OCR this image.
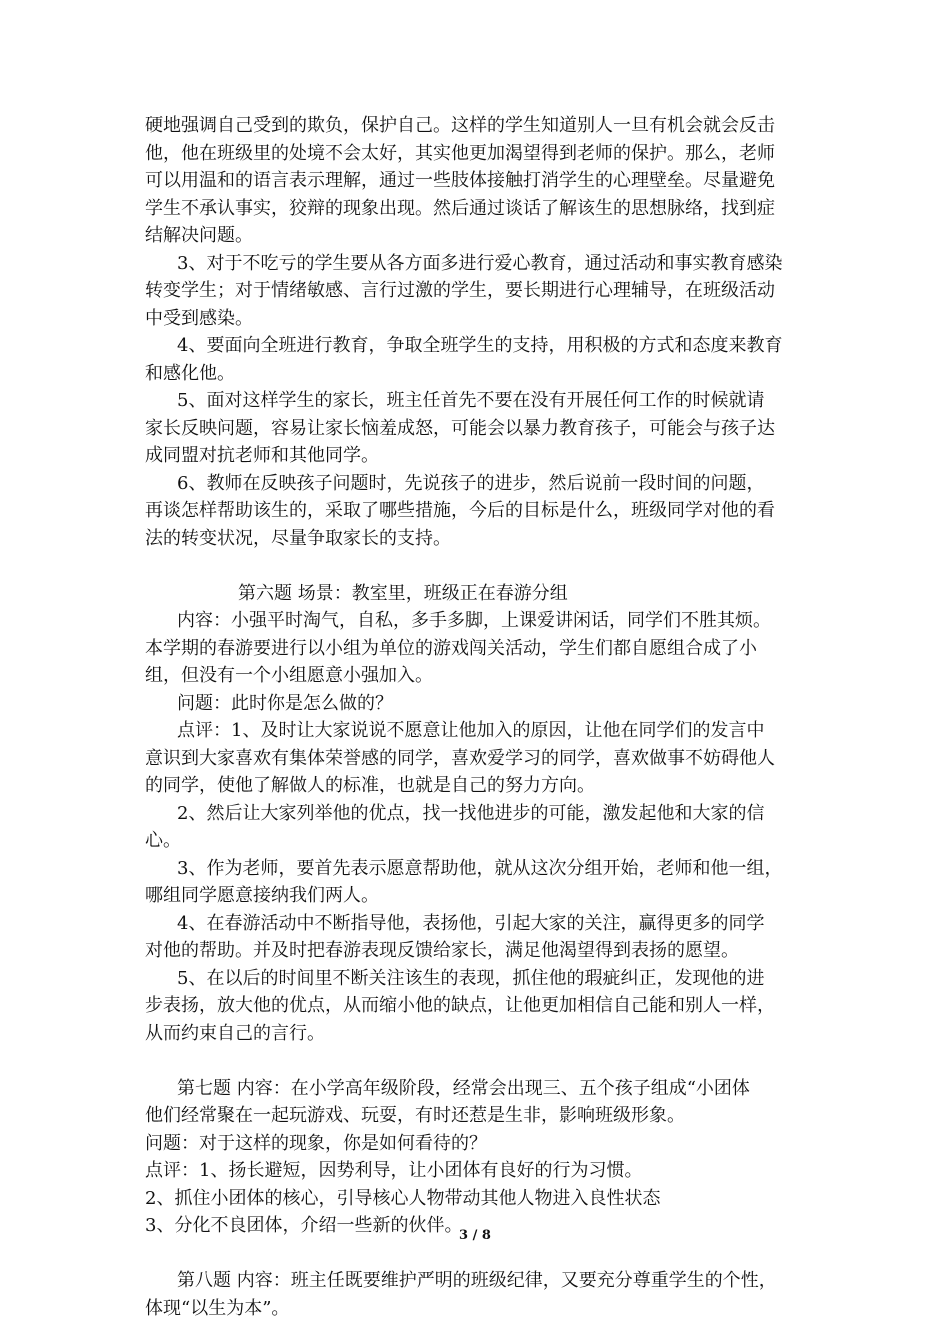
硬地强调自己受到的欺负，保护自己。这样的学生知道别人一旦有机会就会反击
他，他在班级里的处境不会太好，其实他更加渴望得到老师的保护。那么，老师
可以用温和的语言表示理解，通过一些肢体接触打消学生的心理壁垒。尽量避免
学生不承认事实，狡辩的现象出现。然后通过谈话了解该生的思想脉络，找到症
结解决问题。
3、对于不吃亏的学生要从各方面多进行爱心教育，通过活动和事实教育感染
转变学生；对于情绪敏感、言行过激的学生，要长期进行心理辅导，在班级活动
中受到感染。
4、要面向全班进行教育，争取全班学生的支持，用积极的方式和态度来教育
和感化他。
5、面对这样学生的家长，班主任首先不要在没有开展任何工作的时候就请
家长反映问题，容易让家长恼羞成怒，可能会以暴力教育孩子，可能会与孩子达
成同盟对抗老师和其他同学。
6、教师在反映孩子问题时，先说孩子的进步，然后说前一段时间的问题，
再谈怎样帮助该生的，采取了哪些措施，今后的目标是什么，班级同学对他的看
法的转变状况，尽量争取家长的支持。
第六题 场景：教室里，班级正在春游分组
内容：小强平时淘气，自私，多手多脚，上课爱讲闲话，同学们不胜其烦。
本学期的春游要进行以小组为单位的游戏闯关活动，学生们都自愿组合成了小
组，但没有一个小组愿意小强加入。
问题：此时你是怎么做的？
点评：1、及时让大家说说不愿意让他加入的原因，让他在同学们的发言中
意识到大家喜欢有集体荣誉感的同学，喜欢爱学习的同学，喜欢做事不妨碍他人
的同学，使他了解做人的标准，也就是自己的努力方向。
2、然后让大家列举他的优点，找一找他进步的可能，激发起他和大家的信
心。
3、作为老师，要首先表示愿意帮助他，就从这次分组开始，老师和他一组，
哪组同学愿意接纳我们两人。
4、在春游活动中不断指导他，表扬他，引起大家的关注，赢得更多的同学
对他的帮助。并及时把春游表现反馈给家长，满足他渴望得到表扬的愿望。
5、在以后的时间里不断关注该生的表现，抓住他的瑕疵纠正，发现他的进
步表扬，放大他的优点，从而缩小他的缺点，让他更加相信自己能和别人一样，
从而约束自己的言行。
第七题 内容：在小学高年级阶段，经常会出现三、五个孩子组成“小团体
他们经常聚在一起玩游戏、玩耍，有时还惹是生非，影响班级形象。
问题：对于这样的现象，你是如何看待的？
点评：1、扬长避短，因势利导，让小团体有良好的行为习惯。
2、抓住小团体的核心，引导核心人物带动其他人物进入良性状态
3、分化不良团体，介绍一些新的伙伴。
第八题 内容：班主任既要维护严明的班级纪律，又要充分尊重学生的个性，
体现“以生为本”。
3 / 8
